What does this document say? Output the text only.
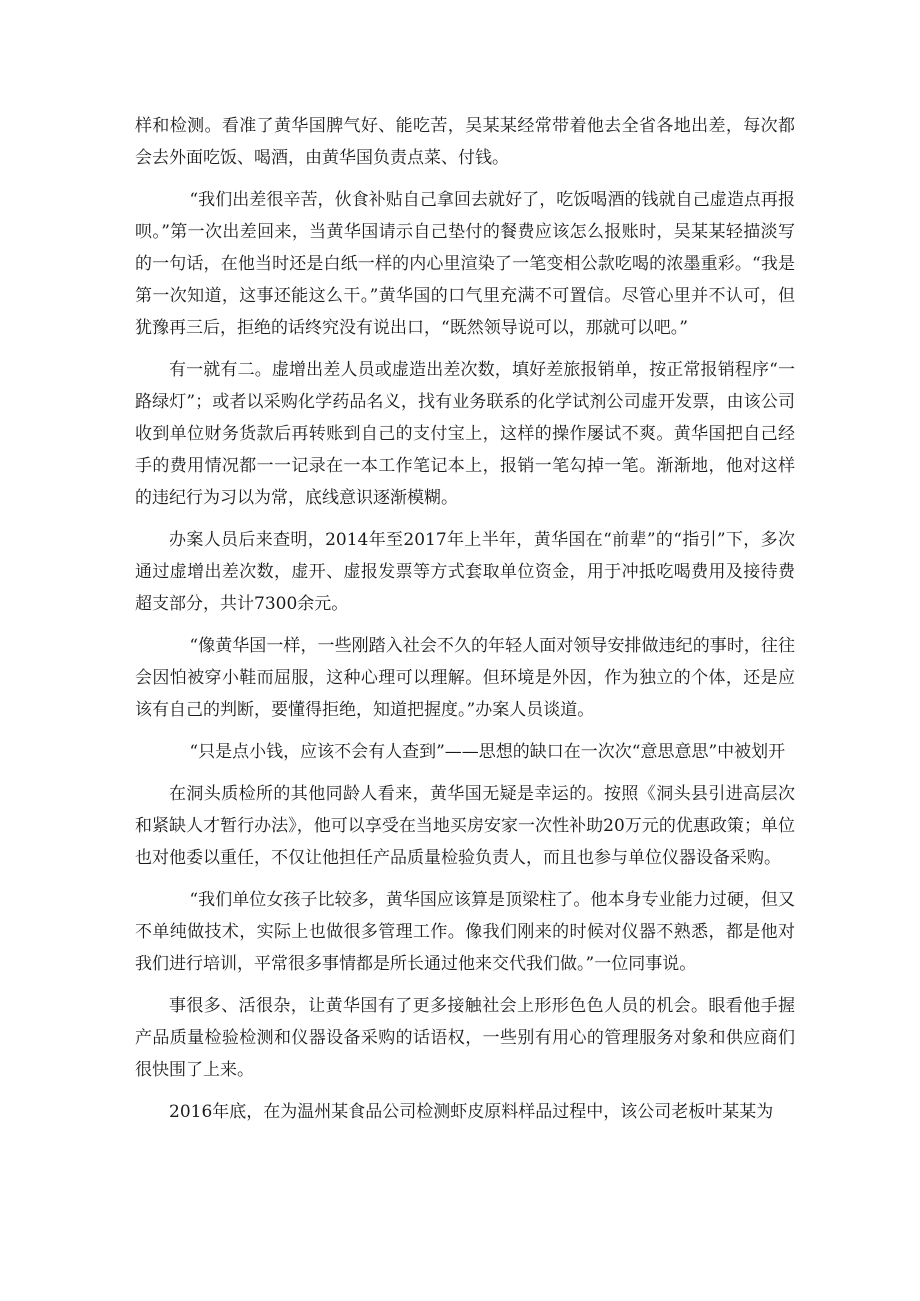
样和检测。看准了黄华国脾气好、能吃苦，吴某某经常带着他去全省各地出差，每次都会去外面吃饭、喝酒，由黄华国负责点菜、付钱。

“我们出差很辛苦，伙食补贴自己拿回去就好了，吃饭喝酒的钱就自己虚造点再报呗。”第一次出差回来，当黄华国请示自己垫付的餐费应该怎么报账时，吴某某轻描淡写的一句话，在他当时还是白纸一样的内心里渲染了一笔变相公款吃喝的浓墨重彩。“我是第一次知道，这事还能这么干。”黄华国的口气里充满不可置信。尽管心里并不认可，但犹豫再三后，拒绝的话终究没有说出口，“既然领导说可以，那就可以吧。”

有一就有二。虚增出差人员或虚造出差次数，填好差旅报销单，按正常报销程序“一路绿灯”；或者以采购化学药品名义，找有业务联系的化学试剂公司虚开发票，由该公司收到单位财务货款后再转账到自己的支付宝上，这样的操作屡试不爽。黄华国把自己经手的费用情况都一一记录在一本工作笔记本上，报销一笔勾掉一笔。渐渐地，他对这样的违纪行为习以为常，底线意识逐渐模糊。

办案人员后来查明，2014年至2017年上半年，黄华国在“前辈”的“指引”下，多次通过虚增出差次数，虚开、虚报发票等方式套取单位资金，用于冲抵吃喝费用及接待费超支部分，共计7300余元。

“像黄华国一样，一些刚踏入社会不久的年轻人面对领导安排做违纪的事时，往往会因怕被穿小鞋而屈服，这种心理可以理解。但环境是外因，作为独立的个体，还是应该有自己的判断，要懂得拒绝，知道把握度。”办案人员谈道。

“只是点小钱，应该不会有人查到”——思想的缺口在一次次“意思意思”中被划开

在洞头质检所的其他同龄人看来，黄华国无疑是幸运的。按照《洞头县引进高层次和紧缺人才暂行办法》，他可以享受在当地买房安家一次性补助20万元的优惠政策；单位也对他委以重任，不仅让他担任产品质量检验负责人，而且也参与单位仪器设备采购。

“我们单位女孩子比较多，黄华国应该算是顶梁柱了。他本身专业能力过硬，但又不单纯做技术，实际上也做很多管理工作。像我们刚来的时候对仪器不熟悉，都是他对我们进行培训，平常很多事情都是所长通过他来交代我们做。”一位同事说。

事很多、活很杂，让黄华国有了更多接触社会上形形色色人员的机会。眼看他手握产品质量检验检测和仪器设备采购的话语权，一些别有用心的管理服务对象和供应商们很快围了上来。

2016年底，在为温州某食品公司检测虾皮原料样品过程中，该公司老板叶某某为
